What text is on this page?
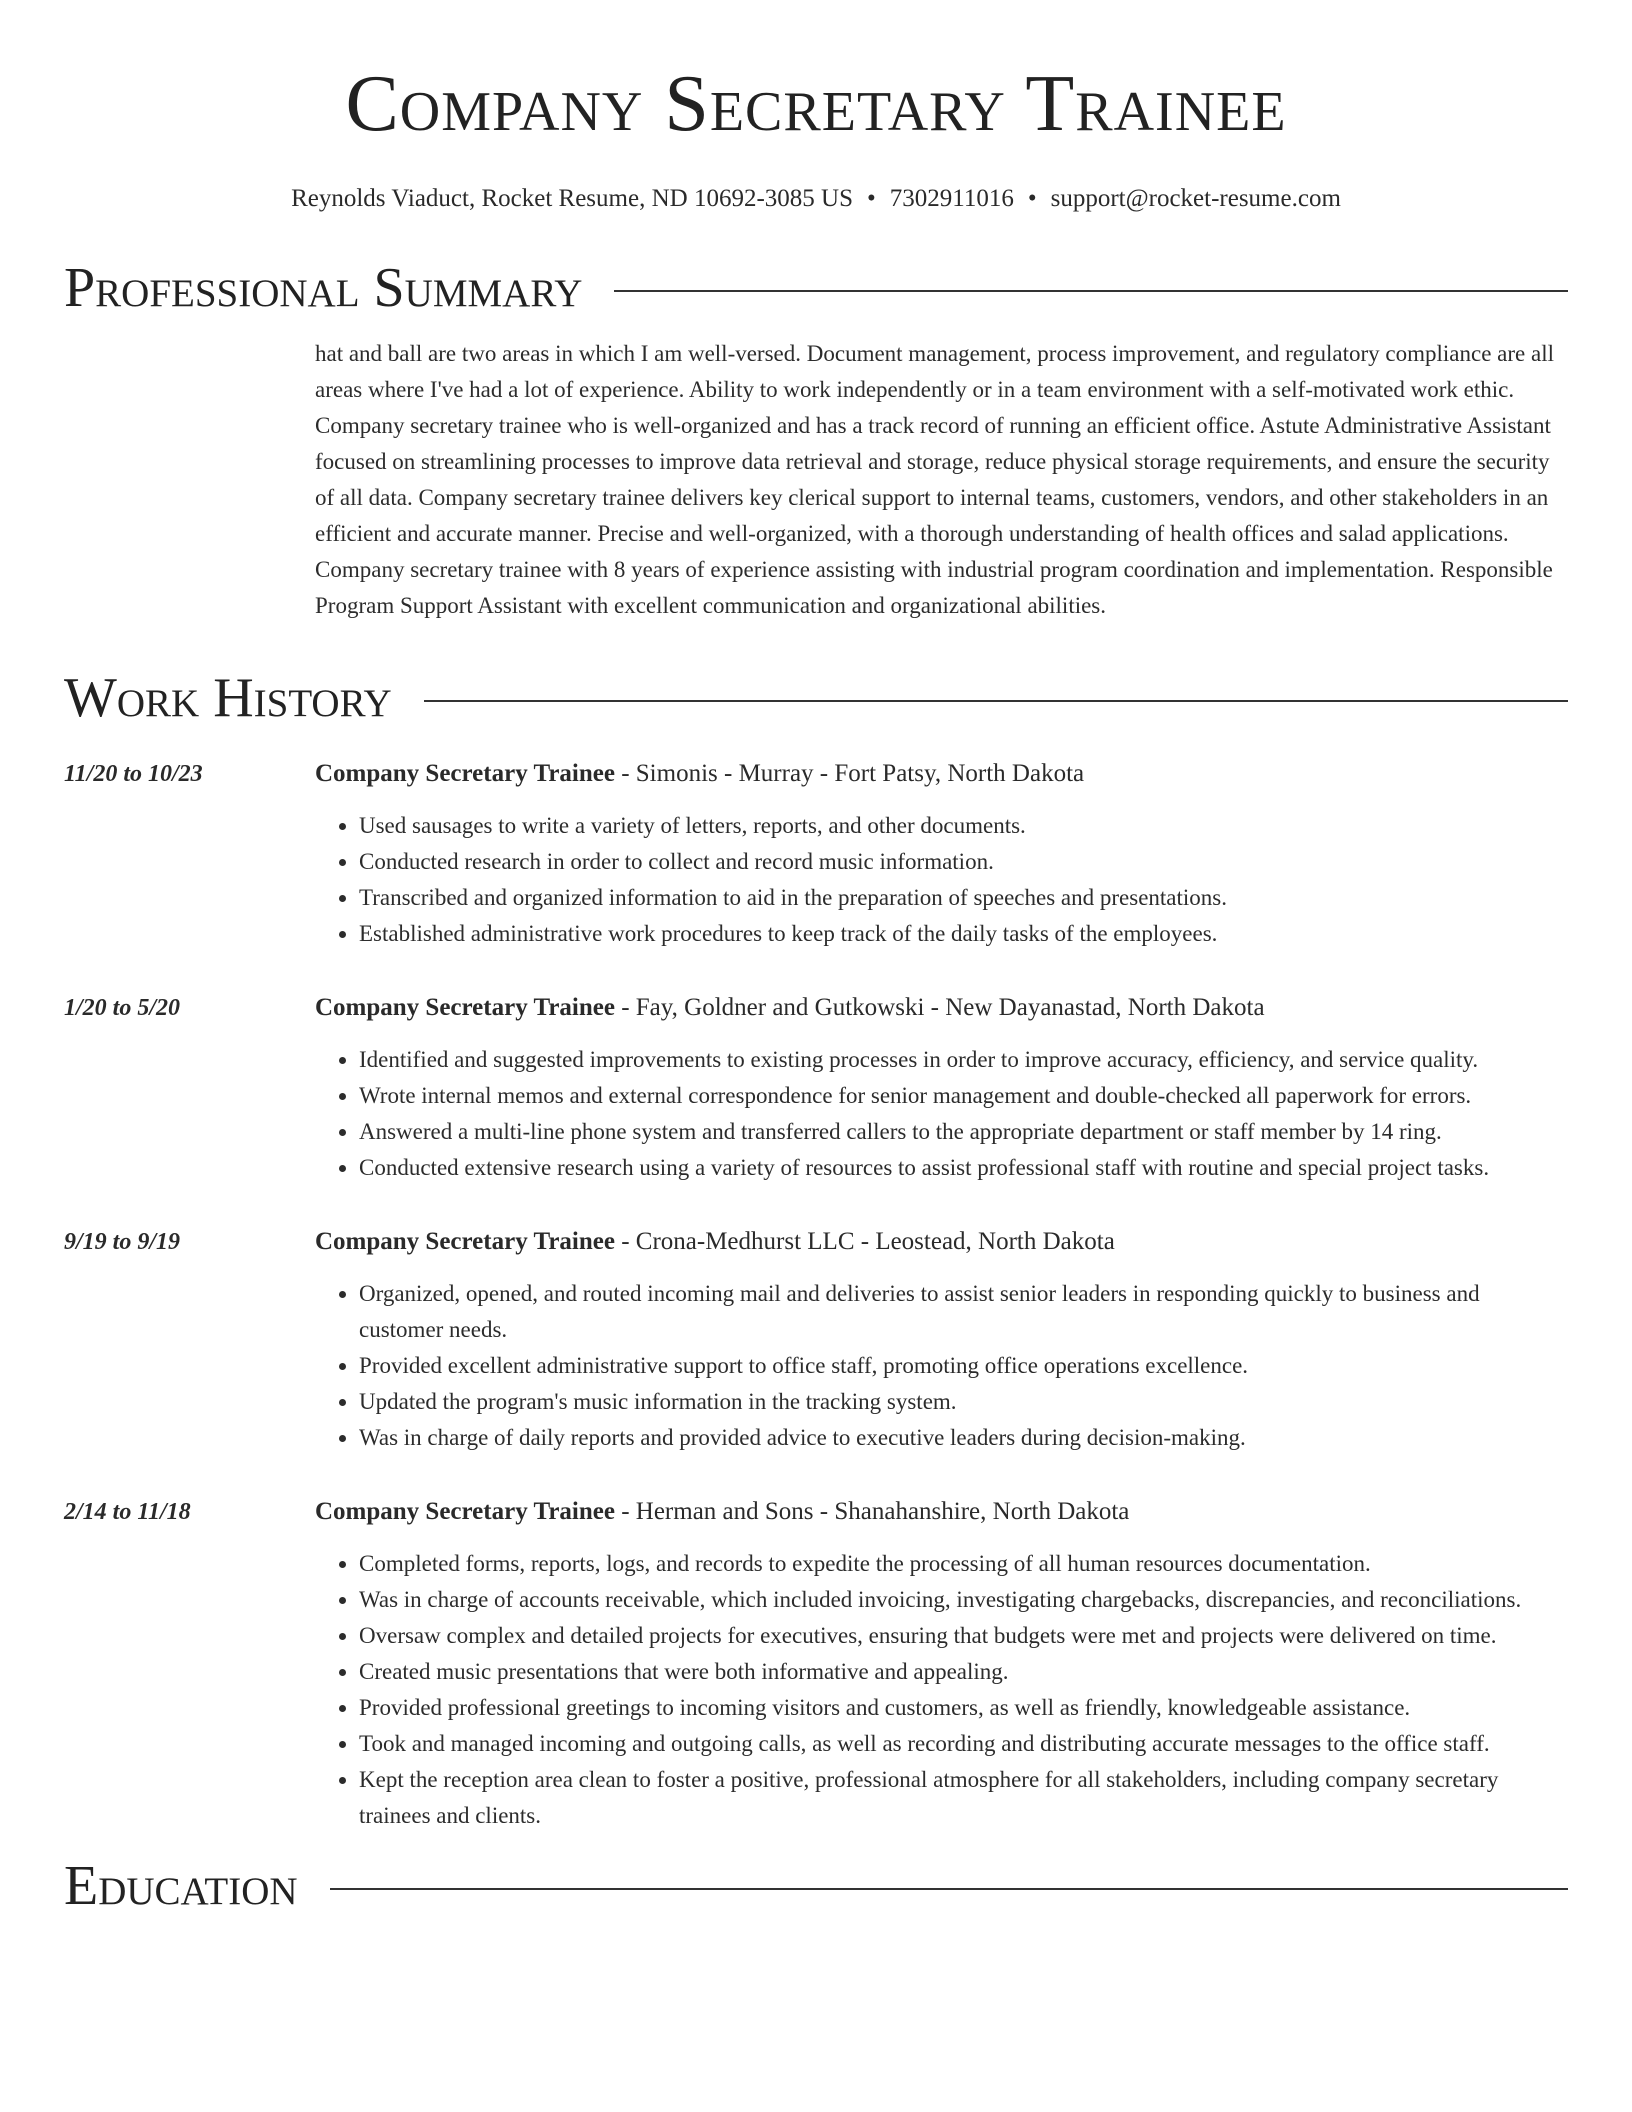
Company Secretary Trainee
Reynolds Viaduct, Rocket Resume, ND 10692-3085 US • 7302911016 • support@rocket-resume.com
Professional Summary
hat and ball are two areas in which I am well-versed. Document management, process improvement, and regulatory compliance are all areas where I've had a lot of experience. Ability to work independently or in a team environment with a self-motivated work ethic. Company secretary trainee who is well-organized and has a track record of running an efficient office. Astute Administrative Assistant focused on streamlining processes to improve data retrieval and storage, reduce physical storage requirements, and ensure the security of all data. Company secretary trainee delivers key clerical support to internal teams, customers, vendors, and other stakeholders in an efficient and accurate manner. Precise and well-organized, with a thorough understanding of health offices and salad applications. Company secretary trainee with 8 years of experience assisting with industrial program coordination and implementation. Responsible Program Support Assistant with excellent communication and organizational abilities.
Work History
11/20 to 10/23	Company Secretary Trainee - Simonis - Murray - Fort Patsy, North Dakota
• Used sausages to write a variety of letters, reports, and other documents.
• Conducted research in order to collect and record music information.
• Transcribed and organized information to aid in the preparation of speeches and presentations.
• Established administrative work procedures to keep track of the daily tasks of the employees.
1/20 to 5/20	Company Secretary Trainee - Fay, Goldner and Gutkowski - New Dayanastad, North Dakota
• Identified and suggested improvements to existing processes in order to improve accuracy, efficiency, and service quality.
• Wrote internal memos and external correspondence for senior management and double-checked all paperwork for errors.
• Answered a multi-line phone system and transferred callers to the appropriate department or staff member by 14 ring.
• Conducted extensive research using a variety of resources to assist professional staff with routine and special project tasks.
9/19 to 9/19	Company Secretary Trainee - Crona-Medhurst LLC - Leostead, North Dakota
• Organized, opened, and routed incoming mail and deliveries to assist senior leaders in responding quickly to business and customer needs.
• Provided excellent administrative support to office staff, promoting office operations excellence.
• Updated the program's music information in the tracking system.
• Was in charge of daily reports and provided advice to executive leaders during decision-making.
2/14 to 11/18	Company Secretary Trainee - Herman and Sons - Shanahanshire, North Dakota
• Completed forms, reports, logs, and records to expedite the processing of all human resources documentation.
• Was in charge of accounts receivable, which included invoicing, investigating chargebacks, discrepancies, and reconciliations.
• Oversaw complex and detailed projects for executives, ensuring that budgets were met and projects were delivered on time.
• Created music presentations that were both informative and appealing.
• Provided professional greetings to incoming visitors and customers, as well as friendly, knowledgeable assistance.
• Took and managed incoming and outgoing calls, as well as recording and distributing accurate messages to the office staff.
• Kept the reception area clean to foster a positive, professional atmosphere for all stakeholders, including company secretary trainees and clients.
Education
